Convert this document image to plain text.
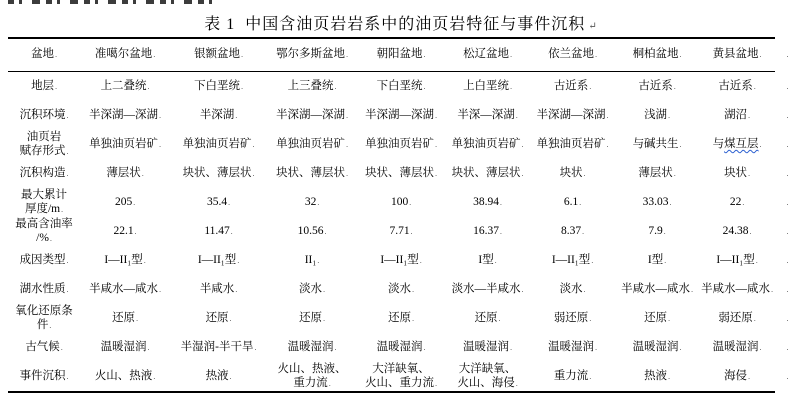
表 1  中国含油页岩岩系中的油页岩特征与事件沉积 ↵
盆地.	准噶尔盆地.	银额盆地.	鄂尔多斯盆地.	朝阳盆地.	松辽盆地.	依兰盆地.	桐柏盆地.	黄县盆地.	.
地层.	上二叠统.	下白垩统.	上三叠统.	下白垩统.	上白垩统.	古近系.	古近系.	古近系.	.
沉积环境.	半深湖—深湖.	半深湖.	半深湖—深湖.	半深湖—深湖.	半深—深湖.	半深湖—深湖.	浅湖.	湖沼.	.
油页岩
赋存形式.	单独油页岩矿.	单独油页岩矿.	单独油页岩矿.	单独油页岩矿.	单独油页岩矿.	单独油页岩矿.	与碱共生.	与煤互层.	.
沉积构造.	薄层状.	块状、薄层状.	块状、薄层状.	块状、薄层状.	块状、薄层状.	块状.	薄层状.	块状.	.
最大累计
厚度/m.	205.	35.4.	32.	100.	38.94.	6.1.	33.03.	22.	.
最高含油率
/%.	22.1.	11.47.	10.56.	7.71.	16.37.	8.37.	7.9.	24.38.	.
成因类型.	I—II₁型.	I—II₁型.	II₁.	I—II₁型.	I型.	I—II₁型.	I型.	I—II₁型.	.
湖水性质.	半咸水—咸水.	半咸水.	淡水.	淡水.	淡水—半咸水.	淡水.	半咸水—咸水.	半咸水—咸水.	.
氧化还原条
件.	还原.	还原.	还原.	还原.	还原.	弱还原.	还原.	弱还原.	.
古气候.	温暖湿润.	半湿润-半干旱.	温暖湿润.	温暖湿润.	温暖湿润.	温暖湿润.	温暖湿润.	温暖湿润.	.
事件沉积.	火山、热液.	热液.	火山、热液、
重力流.	大洋缺氧、
火山、重力流.	大洋缺氧、
火山、海侵.	重力流.	热液.	海侵.	.
